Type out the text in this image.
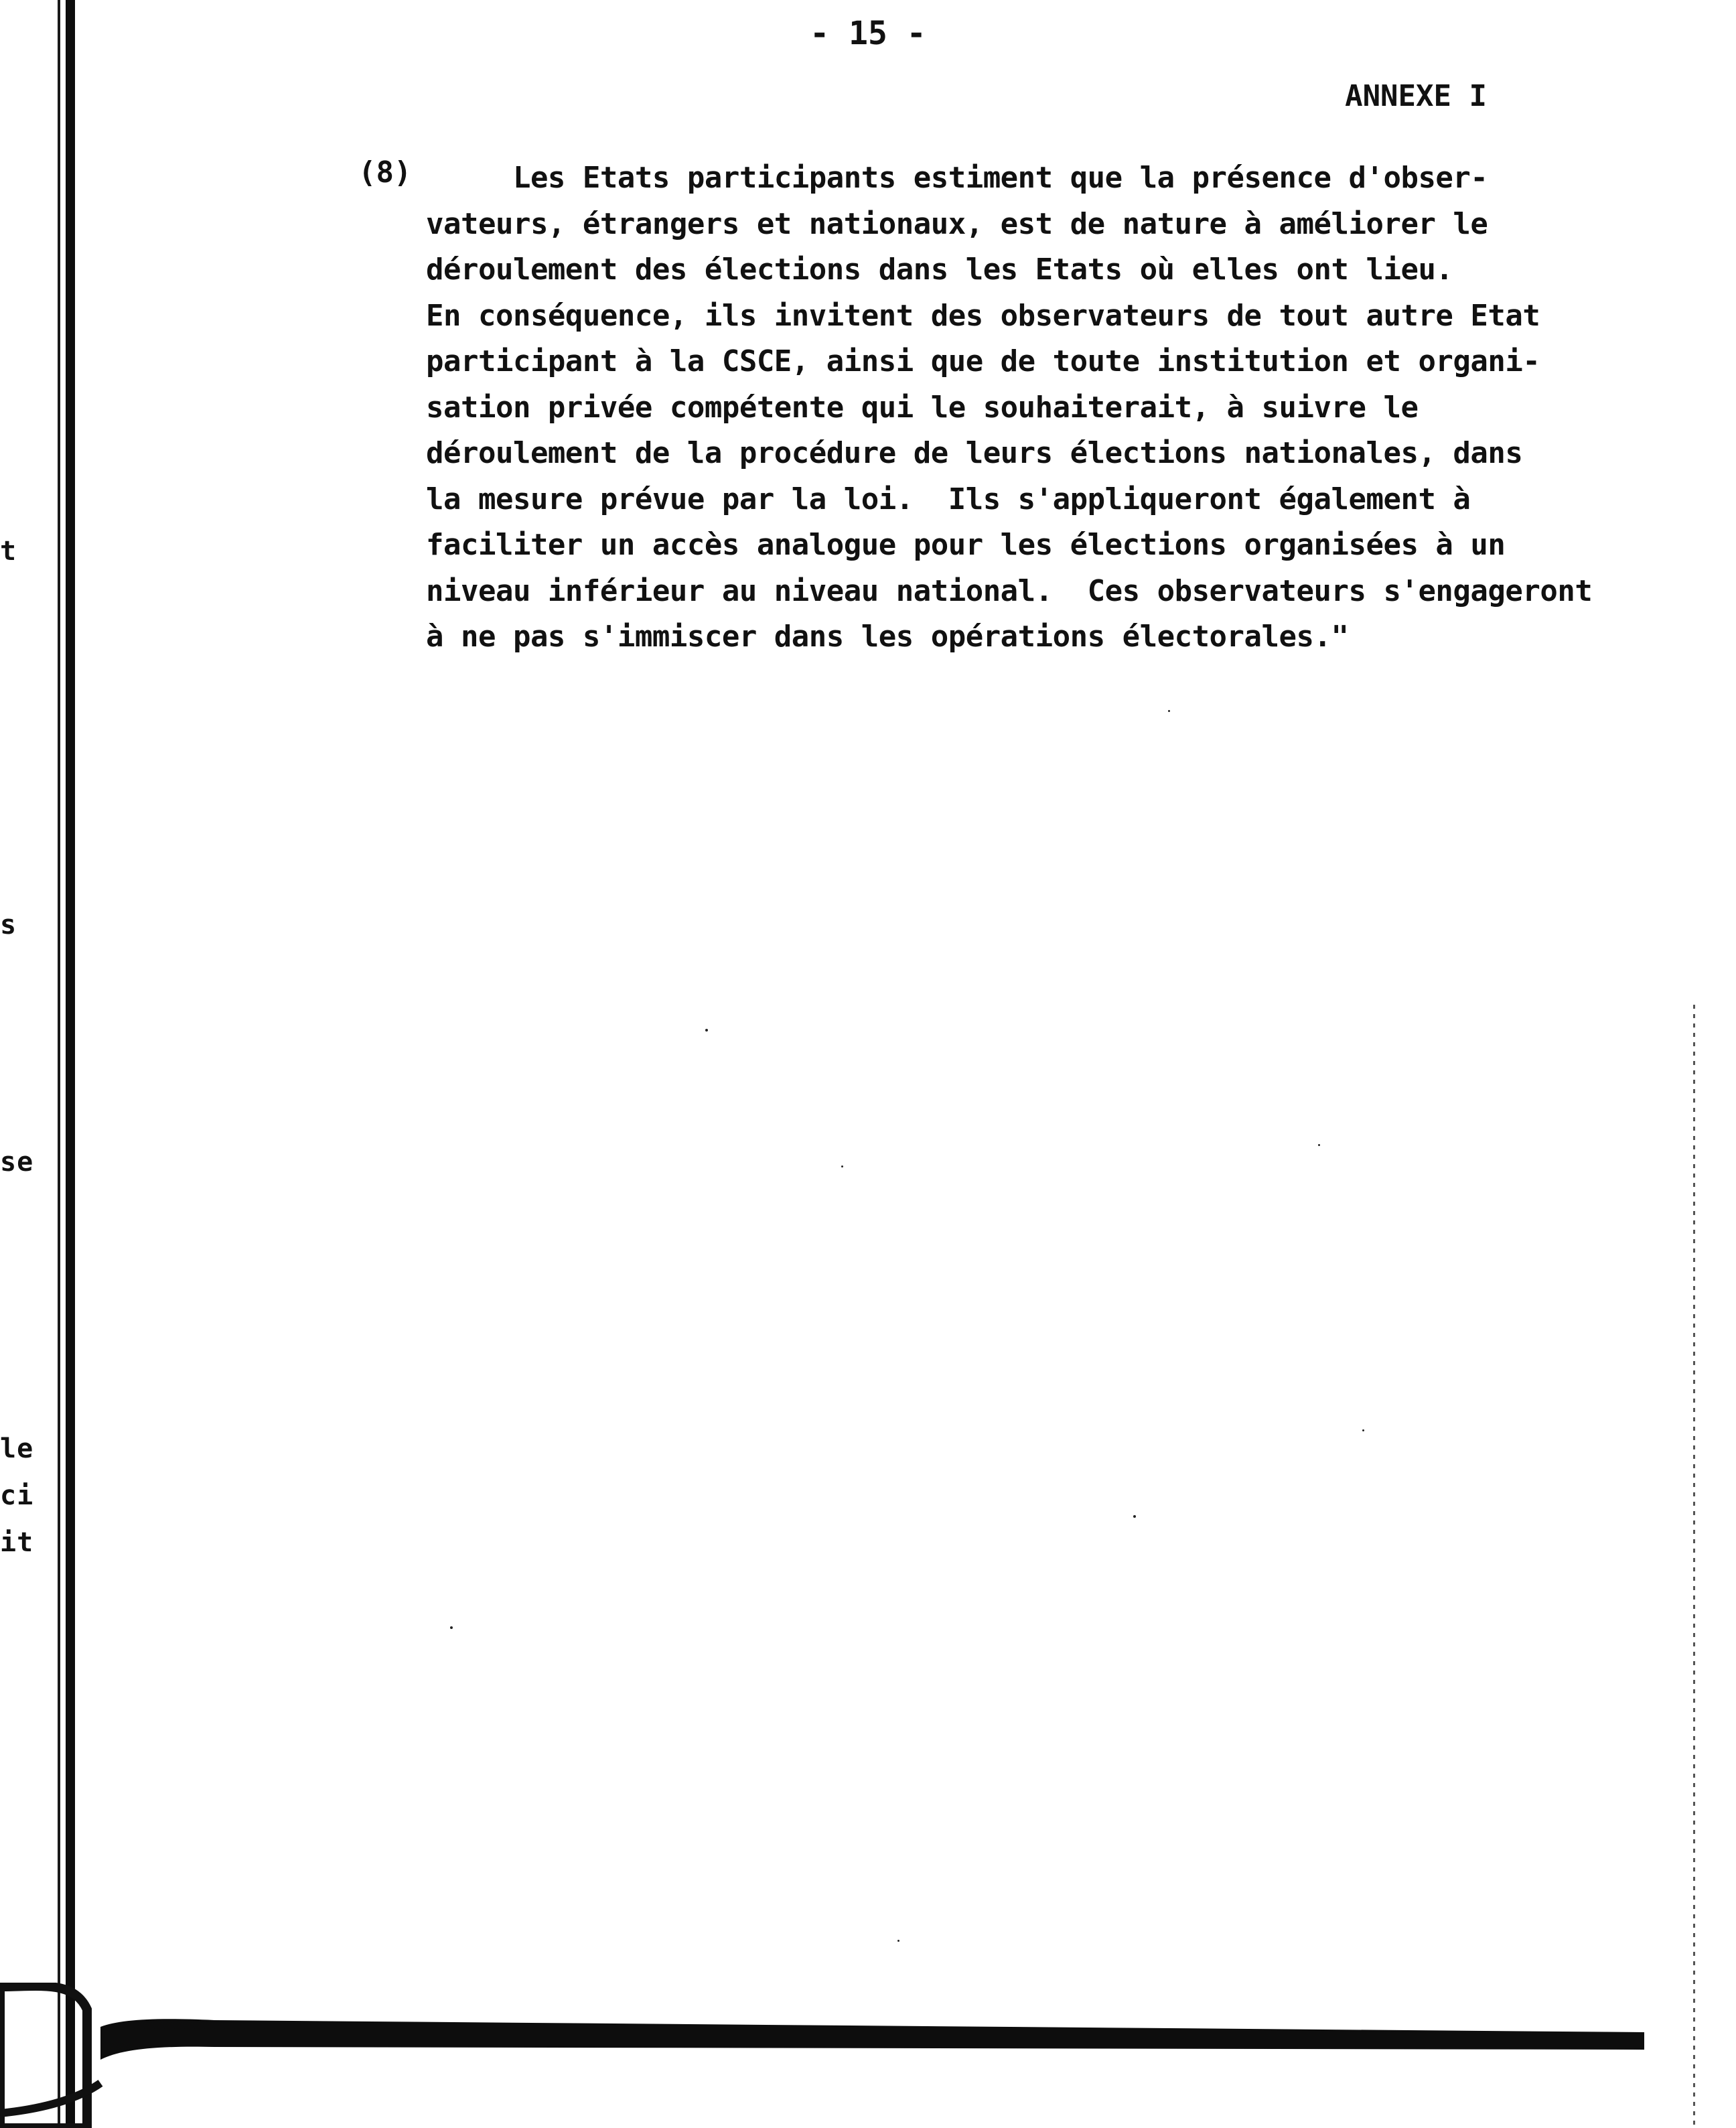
t
s
se
le
ci
it
- 15 -
ANNEXE I
(8) Les Etats participants estiment que la présence d'obser-
vateurs, étrangers et nationaux, est de nature à améliorer le
déroulement des élections dans les Etats où elles ont lieu.
En conséquence, ils invitent des observateurs de tout autre Etat
participant à la CSCE, ainsi que de toute institution et organi-
sation privée compétente qui le souhaiterait, à suivre le
déroulement de la procédure de leurs élections nationales, dans
la mesure prévue par la loi.  Ils s'appliqueront également à
faciliter un accès analogue pour les élections organisées à un
niveau inférieur au niveau national.  Ces observateurs s'engageront
à ne pas s'immiscer dans les opérations électorales."
